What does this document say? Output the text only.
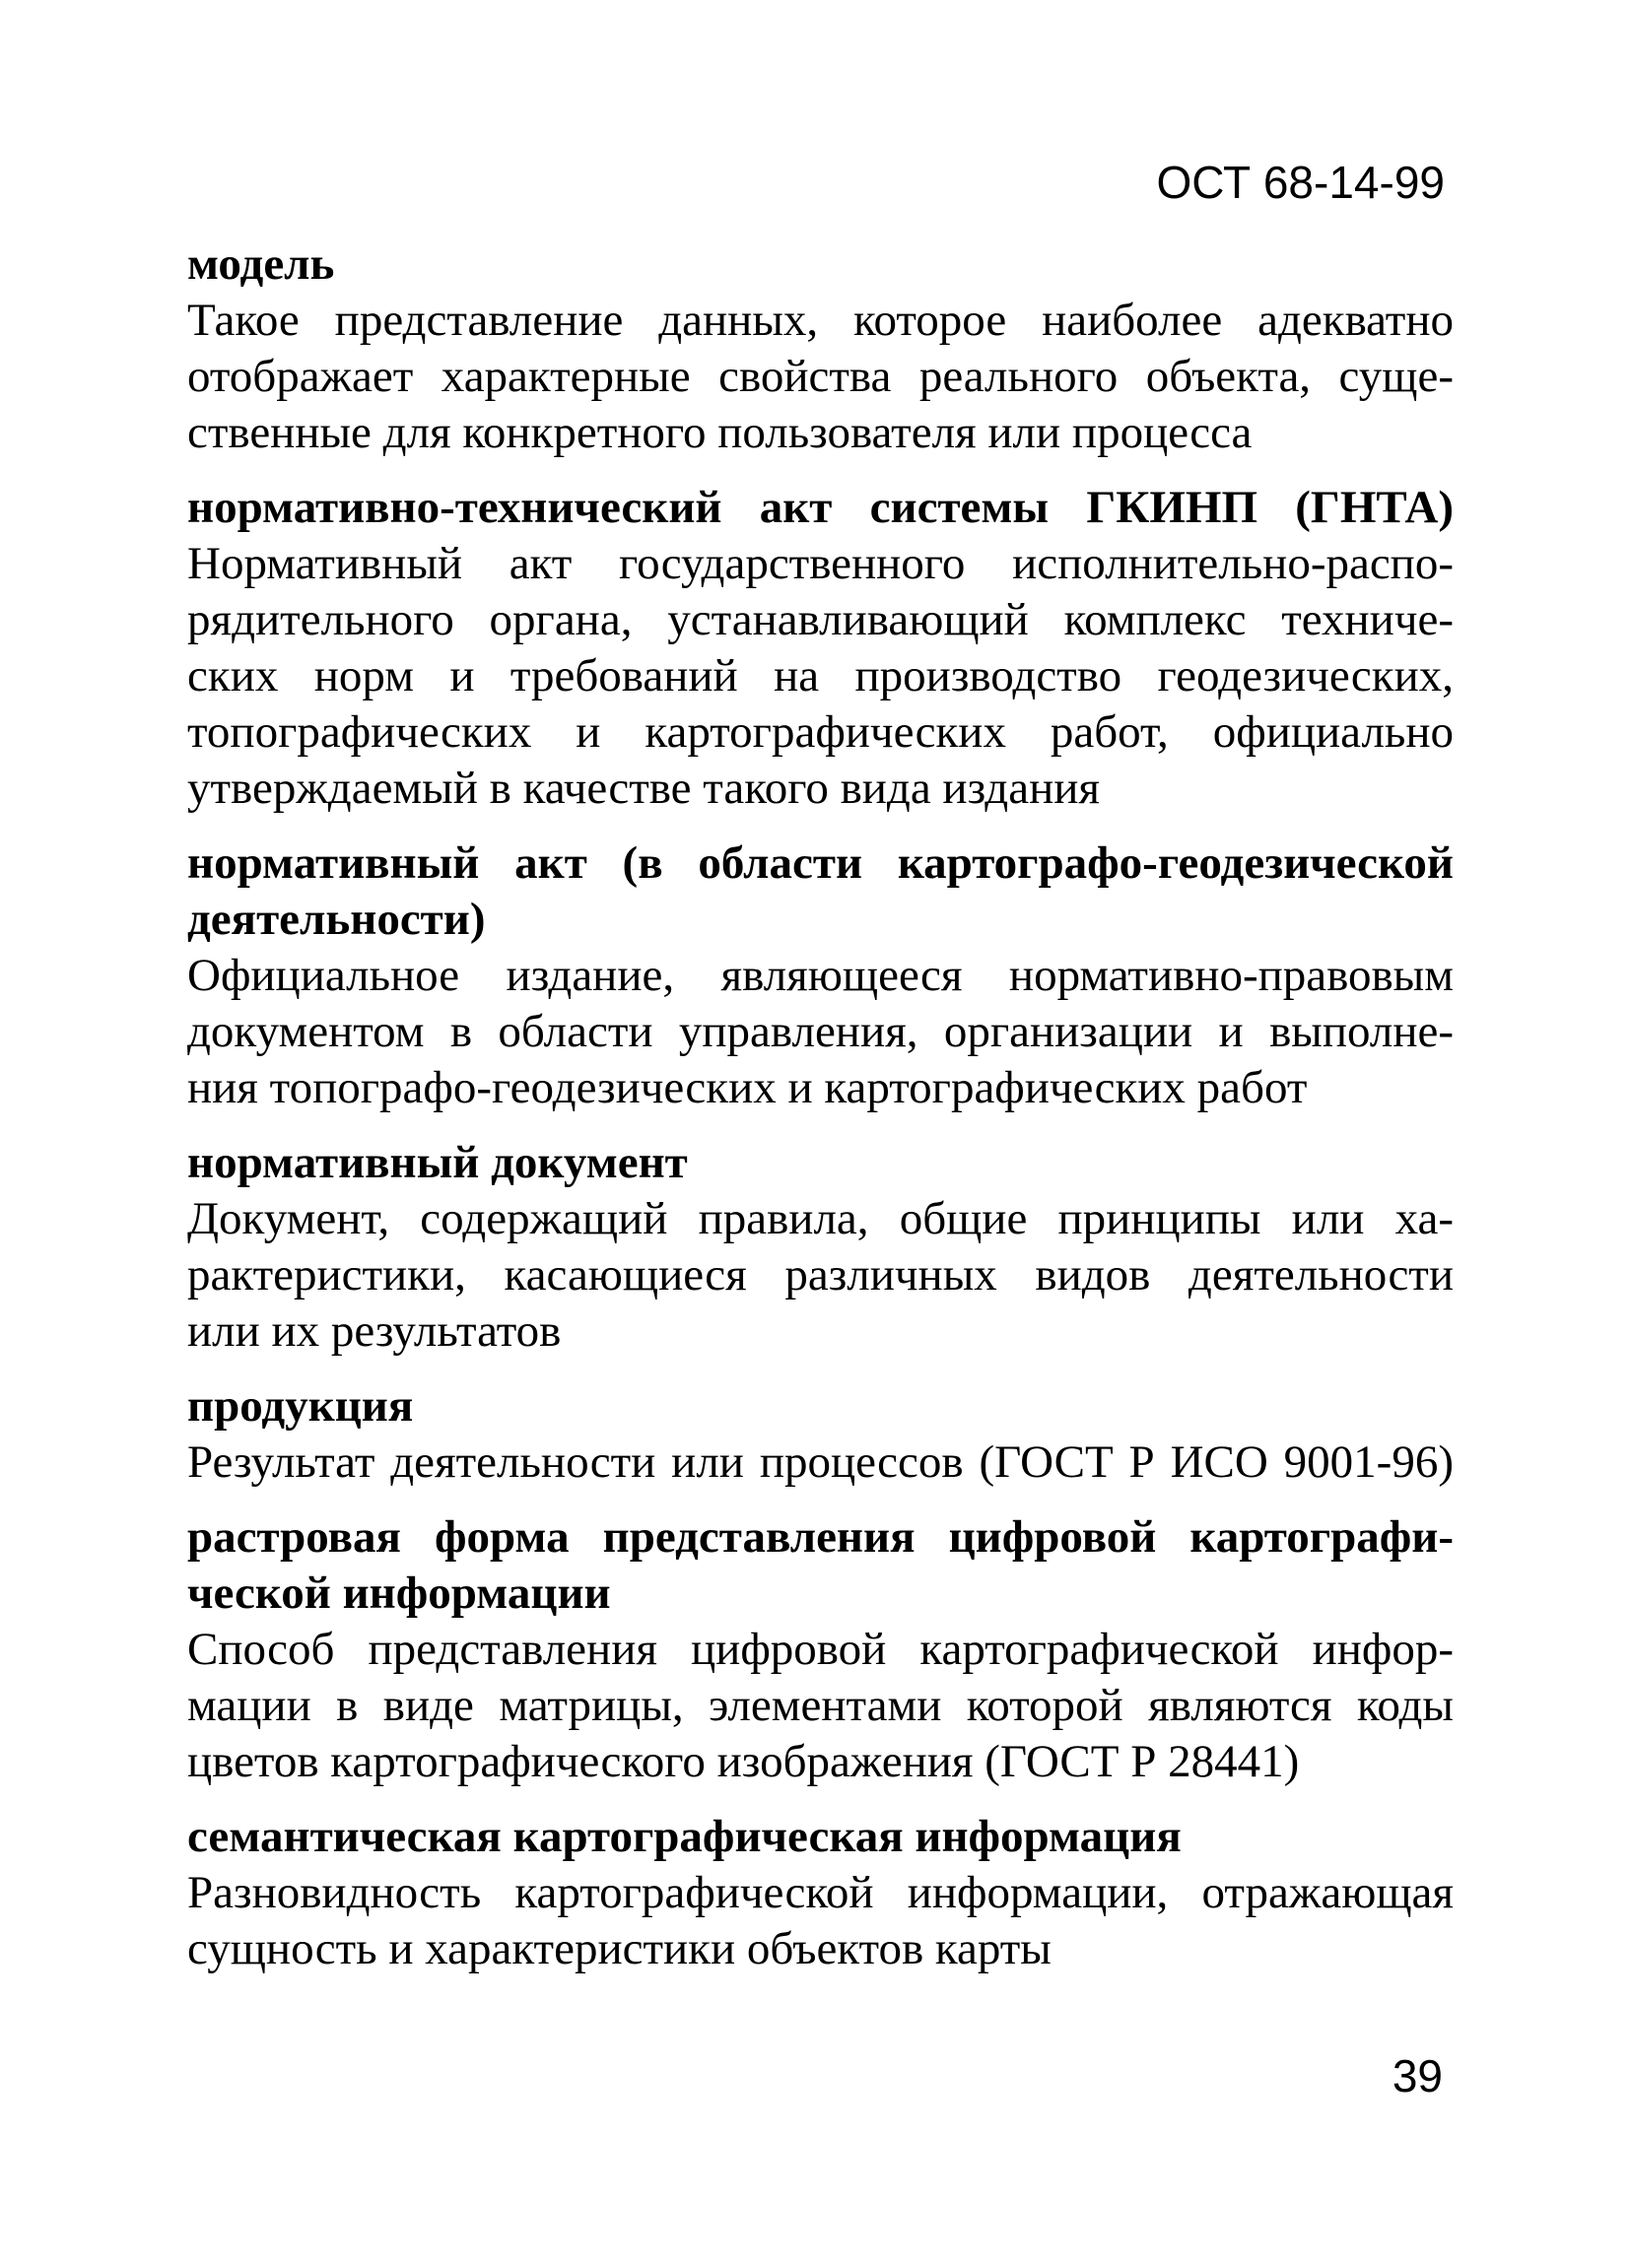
ОСТ 68-14-99
модель
Такое представление данных, которое наиболее адекватно
отображает характерные свойства реального объекта, суще-
ственные для конкретного пользователя или процесса
нормативно-технический акт системы ГКИНП (ГНТА)
Нормативный акт государственного исполнительно-распо-
рядительного органа, устанавливающий комплекс техниче-
ских норм и требований на производство геодезических,
топографических и картографических работ, официально
утверждаемый в качестве такого вида издания
нормативный акт (в области картографо-геодезической
деятельности)
Официальное издание, являющееся нормативно-правовым
документом в области управления, организации и выполне-
ния топографо-геодезических и картографических работ
нормативный документ
Документ, содержащий правила, общие принципы или ха-
рактеристики, касающиеся различных видов деятельности
или их результатов
продукция
Результат деятельности или процессов (ГОСТ Р ИСО 9001-96)
растровая форма представления цифровой картографи-
ческой информации
Способ представления цифровой картографической инфор-
мации в виде матрицы, элементами которой являются коды
цветов картографического изображения (ГОСТ Р 28441)
семантическая картографическая информация
Разновидность картографической информации, отражающая
сущность и характеристики объектов карты
39
